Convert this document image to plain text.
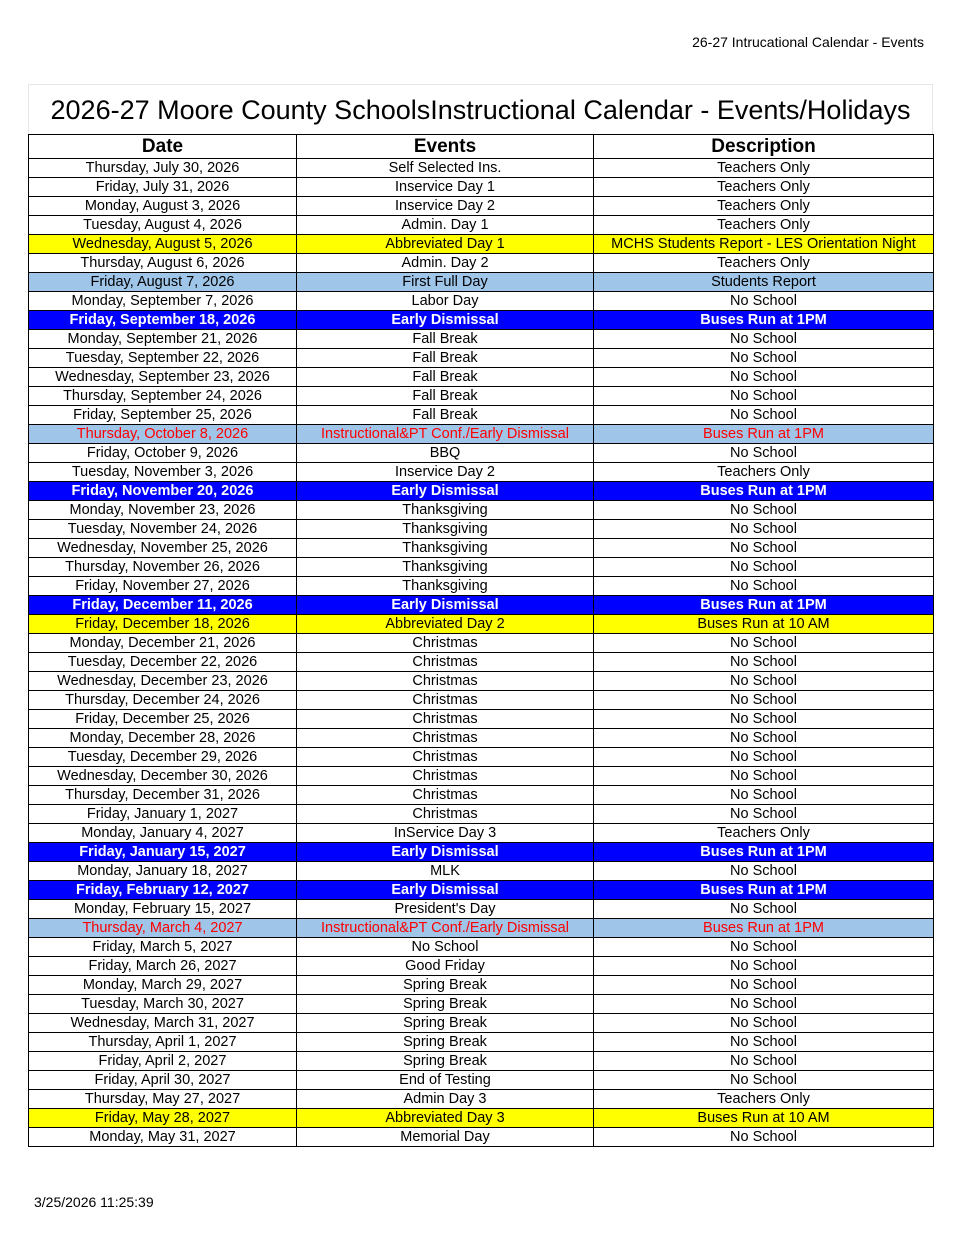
26-27 Intrucational Calendar - Events
2026-27 Moore County SchoolsInstructional Calendar - Events/Holidays
Date	Events	Description
Thursday, July 30, 2026	Self Selected Ins.	Teachers Only
Friday, July 31, 2026	Inservice Day 1	Teachers Only
Monday, August 3, 2026	Inservice Day 2	Teachers Only
Tuesday, August 4, 2026	Admin. Day 1	Teachers Only
Wednesday, August 5, 2026	Abbreviated Day 1	MCHS Students Report - LES Orientation Night
Thursday, August 6, 2026	Admin. Day 2	Teachers Only
Friday, August 7, 2026	First Full Day	Students Report
Monday, September 7, 2026	Labor Day	No School
Friday, September 18, 2026	Early Dismissal	Buses Run at 1PM
Monday, September 21, 2026	Fall Break	No School
Tuesday, September 22, 2026	Fall Break	No School
Wednesday, September 23, 2026	Fall Break	No School
Thursday, September 24, 2026	Fall Break	No School
Friday, September 25, 2026	Fall Break	No School
Thursday, October 8, 2026	Instructional&PT Conf./Early Dismissal	Buses Run at 1PM
Friday, October 9, 2026	BBQ	No School
Tuesday, November 3, 2026	Inservice Day 2	Teachers Only
Friday, November 20, 2026	Early Dismissal	Buses Run at 1PM
Monday, November 23, 2026	Thanksgiving	No School
Tuesday, November 24, 2026	Thanksgiving	No School
Wednesday, November 25, 2026	Thanksgiving	No School
Thursday, November 26, 2026	Thanksgiving	No School
Friday, November 27, 2026	Thanksgiving	No School
Friday, December 11, 2026	Early Dismissal	Buses Run at 1PM
Friday, December 18, 2026	Abbreviated Day 2	Buses Run at 10 AM
Monday, December 21, 2026	Christmas	No School
Tuesday, December 22, 2026	Christmas	No School
Wednesday, December 23, 2026	Christmas	No School
Thursday, December 24, 2026	Christmas	No School
Friday, December 25, 2026	Christmas	No School
Monday, December 28, 2026	Christmas	No School
Tuesday, December 29, 2026	Christmas	No School
Wednesday, December 30, 2026	Christmas	No School
Thursday, December 31, 2026	Christmas	No School
Friday, January 1, 2027	Christmas	No School
Monday, January 4, 2027	InService Day 3	Teachers Only
Friday, January 15, 2027	Early Dismissal	Buses Run at 1PM
Monday, January 18, 2027	MLK	No School
Friday, February 12, 2027	Early Dismissal	Buses Run at 1PM
Monday, February 15, 2027	President's Day	No School
Thursday, March 4, 2027	Instructional&PT Conf./Early Dismissal	Buses Run at 1PM
Friday, March 5, 2027	No School	No School
Friday, March 26, 2027	Good Friday	No School
Monday, March 29, 2027	Spring Break	No School
Tuesday, March 30, 2027	Spring Break	No School
Wednesday, March 31, 2027	Spring Break	No School
Thursday, April 1, 2027	Spring Break	No School
Friday, April 2, 2027	Spring Break	No School
Friday, April 30, 2027	End of Testing	No School
Thursday, May 27, 2027	Admin Day 3	Teachers Only
Friday, May 28, 2027	Abbreviated Day 3	Buses Run at 10 AM
Monday, May 31, 2027	Memorial Day	No School
3/25/2026 11:25:39
